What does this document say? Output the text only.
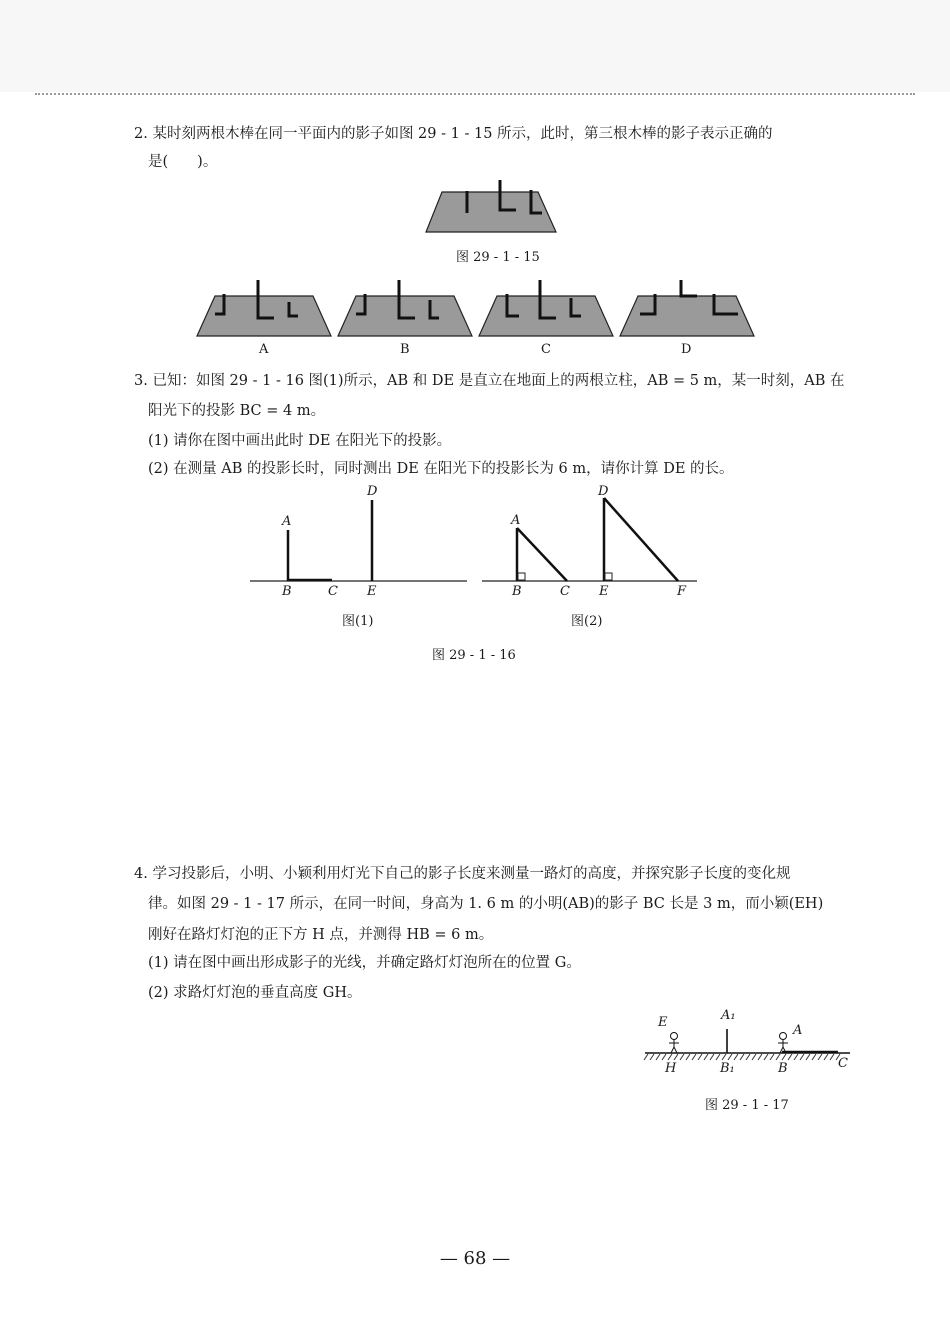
2. 某时刻两根木棒在同一平面内的影子如图 29 - 1 - 15 所示，此时，第三根木棒的影子表示正确的
是(　　)。
图 29 - 1 - 15
A	B	C	D
3. 已知：如图 29 - 1 - 16 图(1)所示，AB 和 DE 是直立在地面上的两根立柱，AB = 5 m，某一时刻，AB 在
阳光下的投影 BC = 4 m。
(1) 请你在图中画出此时 DE 在阳光下的投影。
(2) 在测量 AB 的投影长时，同时测出 DE 在阳光下的投影长为 6 m，请你计算 DE 的长。
D
A
B	C E
D
A
B	C E	F
图(1)	图(2)
图 29 - 1 - 16
4. 学习投影后，小明、小颖利用灯光下自己的影子长度来测量一路灯的高度，并探究影子长度的变化规
律。如图 29 - 1 - 17 所示，在同一时间，身高为 1. 6 m 的小明(AB)的影子 BC 长是 3 m，而小颖(EH)
刚好在路灯灯泡的正下方 H 点，并测得 HB = 6 m。
(1) 请在图中画出形成影子的光线，并确定路灯灯泡所在的位置 G。
(2) 求路灯灯泡的垂直高度 GH。
E	A₁
A
H	B₁	B	C
图 29 - 1 - 17
— 68 —
